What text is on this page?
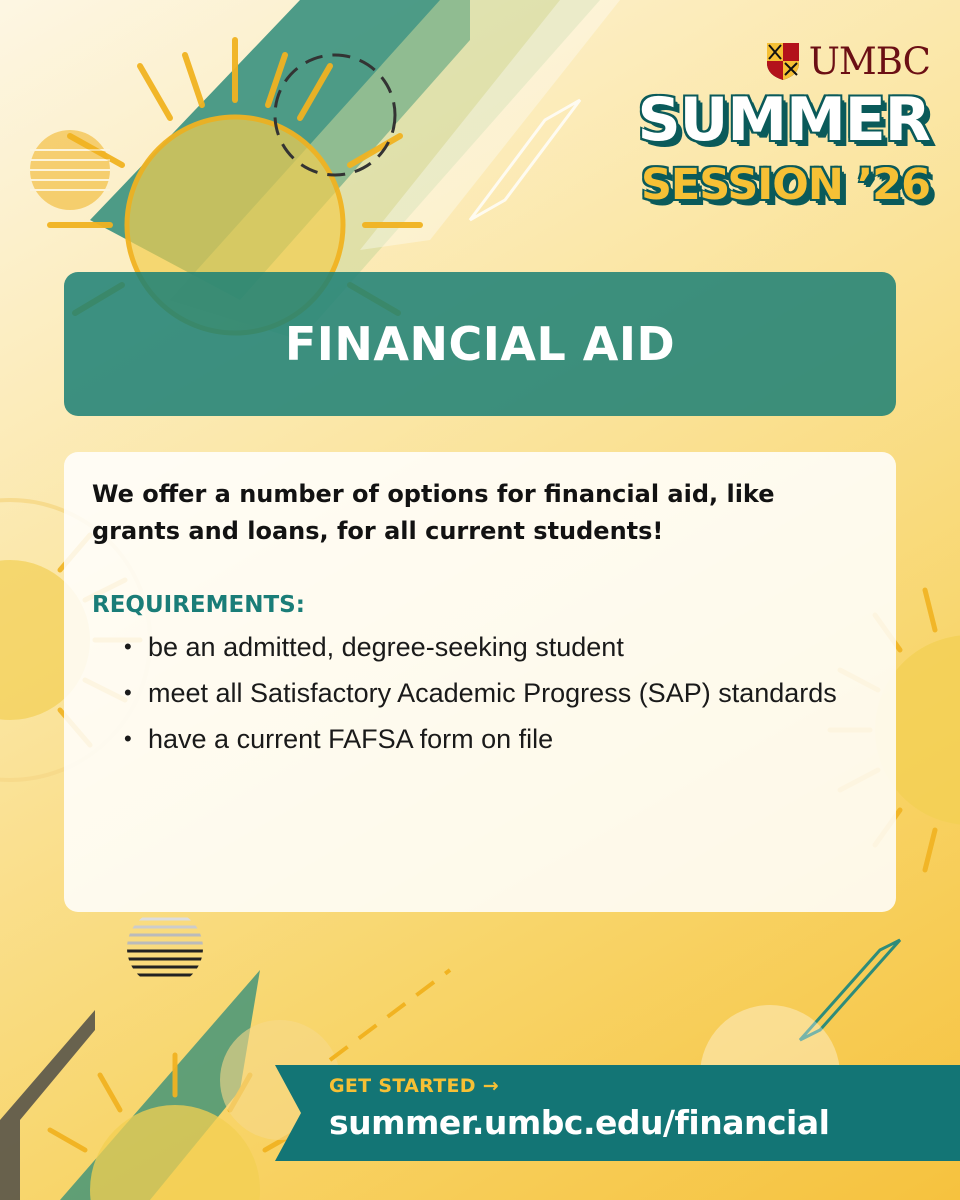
UMBC
SUMMER
SESSION ’26
FINANCIAL AID

We offer a number of options for financial aid, like grants and loans, for all current students!

REQUIREMENTS:
• be an admitted, degree-seeking student
• meet all Satisfactory Academic Progress (SAP) standards
• have a current FAFSA form on file
GET STARTED →
summer.umbc.edu/financial
